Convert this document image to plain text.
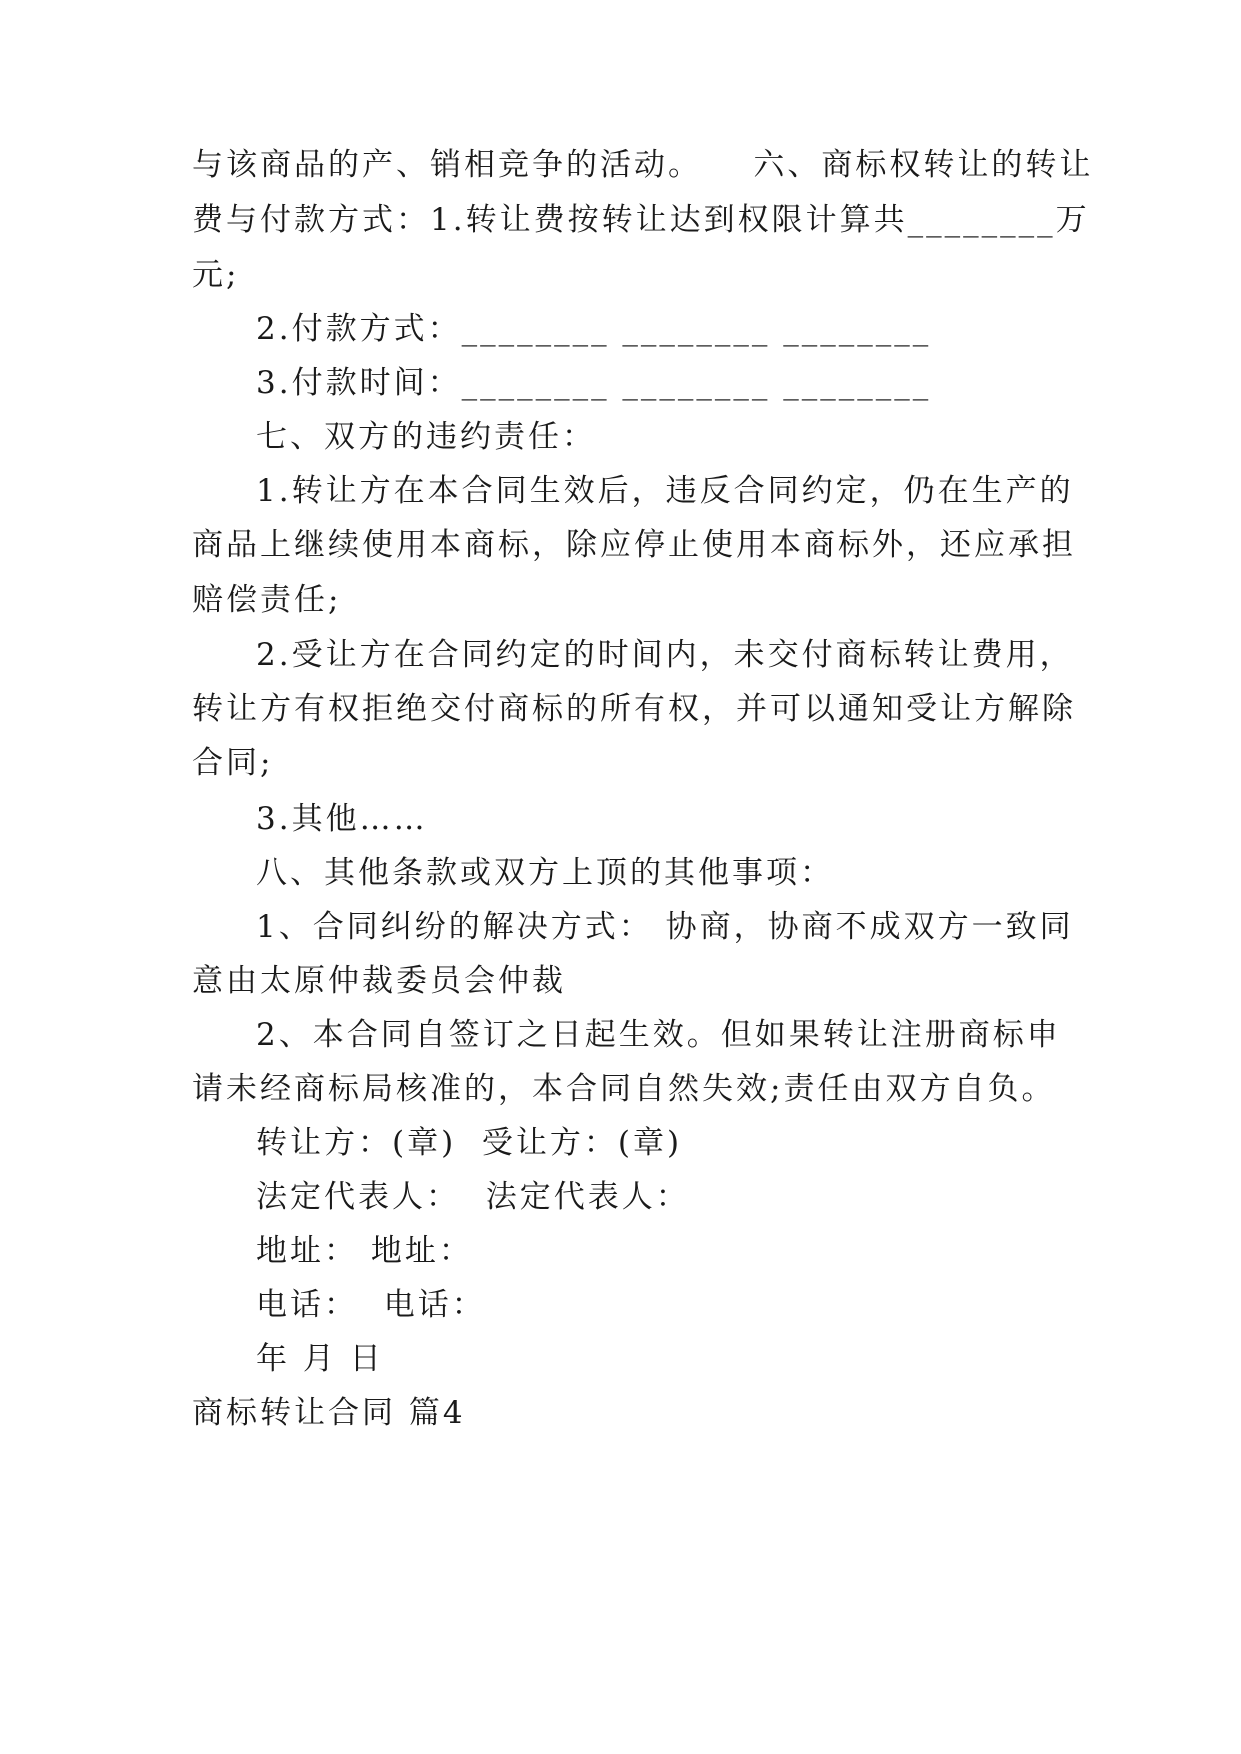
与该商品的产、销相竞争的活动。    六、商标权转让的转让
费与付款方式：1.转让费按转让达到权限计算共________万
元;
2.付款方式：________ ________ ________
3.付款时间：________ ________ ________
七、双方的违约责任：
1.转让方在本合同生效后，违反合同约定，仍在生产的
商品上继续使用本商标，除应停止使用本商标外，还应承担
赔偿责任;
2.受让方在合同约定的时间内，未交付商标转让费用，
转让方有权拒绝交付商标的所有权，并可以通知受让方解除
合同;
3.其他……
八、其他条款或双方上顶的其他事项：
1、合同纠纷的解决方式： 协商，协商不成双方一致同
意由太原仲裁委员会仲裁
2、本合同自签订之日起生效。但如果转让注册商标申
请未经商标局核准的，本合同自然失效;责任由双方自负。
转让方：(章)  受让方：(章)
法定代表人：  法定代表人：
地址： 地址：
电话：  电话：
年 月 日
商标转让合同 篇4
